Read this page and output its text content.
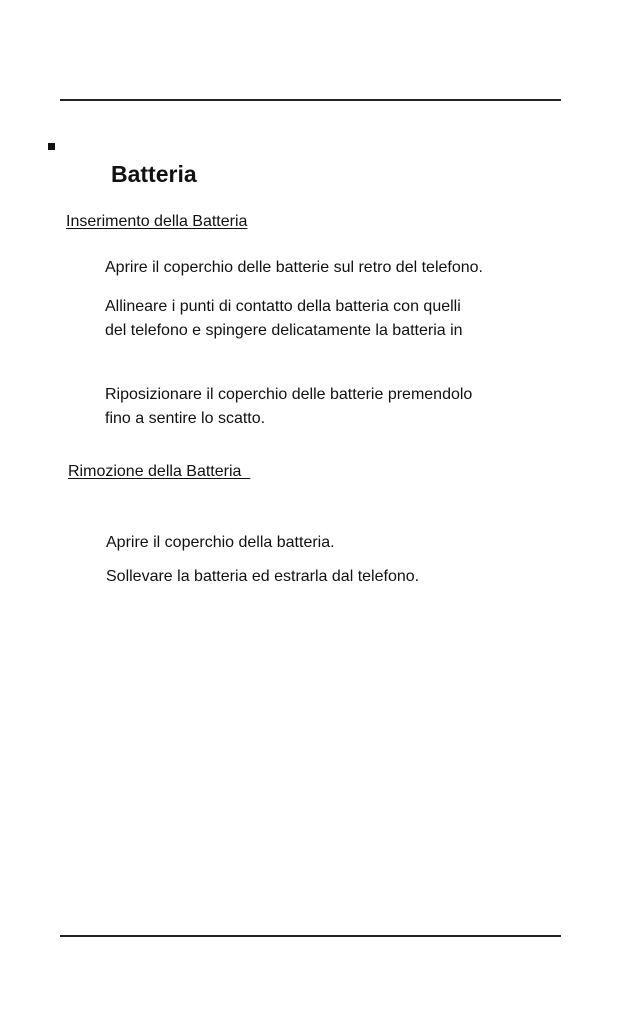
Batteria
Inserimento della Batteria
Aprire il coperchio delle batterie sul retro del telefono.
Allineare i punti di contatto della batteria con quelli
del telefono e spingere delicatamente la batteria in
Riposizionare il coperchio delle batterie premendolo
fino a sentire lo scatto.
Rimozione della Batteria
Aprire il coperchio della batteria.
Sollevare la batteria ed estrarla dal telefono.
